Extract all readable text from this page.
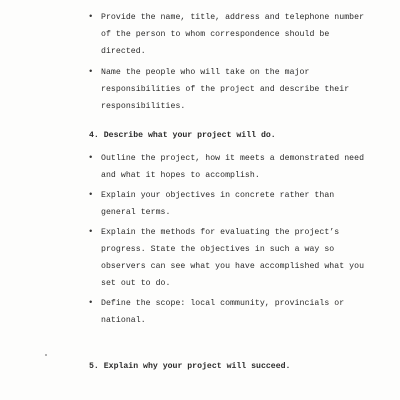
• Provide the name, title, address and telephone number
of the person to whom correspondence should be
directed.
• Name the people who will take on the major
responsibilities of the project and describe their
responsibilities.
4. Describe what your project will do.
• Outline the project, how it meets a demonstrated need
and what it hopes to accomplish.
• Explain your objectives in concrete rather than
general terms.
• Explain the methods for evaluating the project’s
progress. State the objectives in such a way so
observers can see what you have accomplished what you
set out to do.
• Define the scope: local community, provincials or
national.
5. Explain why your project will succeed.
